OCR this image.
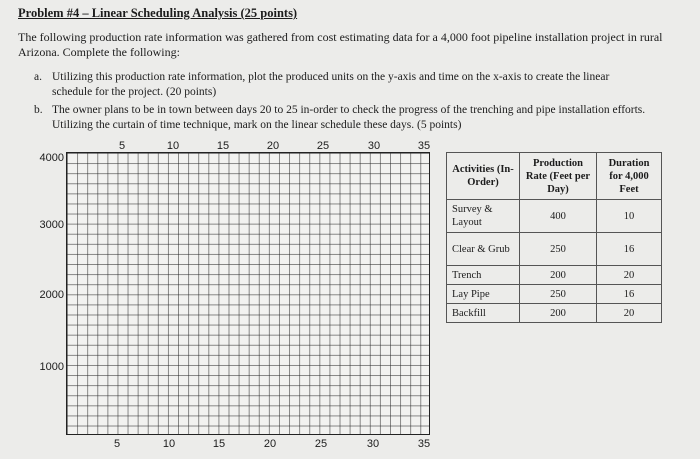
Problem #4 – Linear Scheduling Analysis (25 points)
The following production rate information was gathered from cost estimating data for a 4,000 foot pipeline installation project in rural Arizona. Complete the following:
a. Utilizing this production rate information, plot the produced units on the y-axis and time on the x-axis to create the linear schedule for the project. (20 points)
b. The owner plans to be in town between days 20 to 25 in-order to check the progress of the trenching and pipe installation efforts. Utilizing the curtain of time technique, mark on the linear schedule these days. (5 points)
5	10	15	20	25	30	35
4000
3000
2000
1000
5	10	15	20	25	30	35
Activities (In-Order)	Production Rate (Feet per Day)	Duration for 4,000 Feet
Survey & Layout	400	10
Clear & Grub	250	16
Trench	200	20
Lay Pipe	250	16
Backfill	200	20
